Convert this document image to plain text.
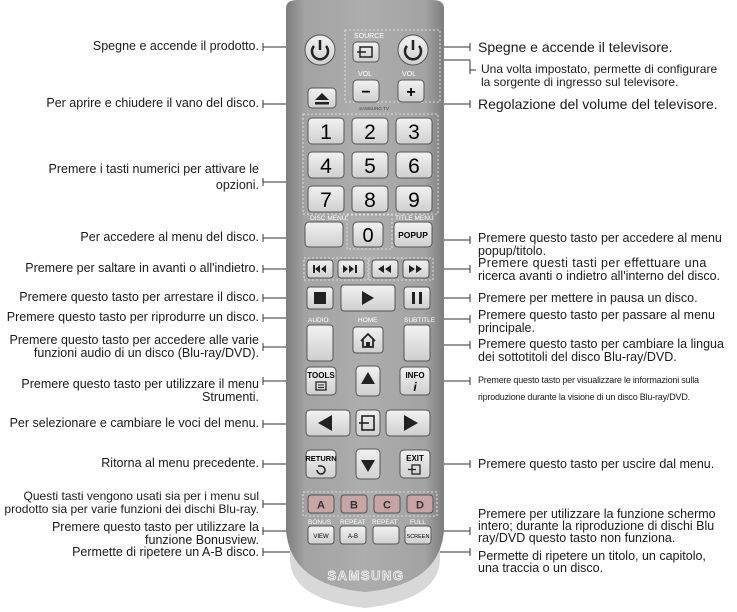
SOURCE
VOL	VOL
− +
SAMSUNG TV
1 2 3
4 5 6
7 8 9
DISC MENU	TITLE MENU
0	POPUP
AUDIO	HOME	SUBTITLE
TOOLS	INFO
i
RETURN	EXIT
A B C D
BONUS REPEAT REPEAT FULL
VIEW	A-B	SCREEN
SAMSUNG
Spegne e accende il prodotto.
Per aprire e chiudere il vano del disco.
Premere i tasti numerici per attivare le
opzioni.
Per accedere al menu del disco.
Premere per saltare in avanti o all'indietro.
Premere questo tasto per arrestare il disco.
Premere questo tasto per riprodurre un disco.
Premere questo tasto per accedere alle varie
funzioni audio di un disco (Blu-ray/DVD).
Premere questo tasto per utilizzare il menu
Strumenti.
Per selezionare e cambiare le voci del menu.
Ritorna al menu precedente.
Questi tasti vengono usati sia per i menu sul
prodotto sia per varie funzioni dei dischi Blu-ray.
Premere questo tasto per utilizzare la
funzione Bonusview.
Permette di ripetere un A-B disco.
Spegne e accende il televisore.
Una volta impostato, permette di configurare
la sorgente di ingresso sul televisore.
Regolazione del volume del televisore.
Premere questo tasto per accedere al menu
popup/titolo.
Premere questi tasti per effettuare una
ricerca avanti o indietro all'interno del disco.
Premere per mettere in pausa un disco.
Premere questo tasto per passare al menu
principale.
Premere questo tasto per cambiare la lingua
dei sottotitoli del disco Blu-ray/DVD.
Premere questo tasto per visualizzare le informazioni sulla
riproduzione durante la visione di un disco Blu-ray/DVD.
Premere questo tasto per uscire dal menu.
Premere per utilizzare la funzione schermo
intero; durante la riproduzione di dischi Blu
ray/DVD questo tasto non funziona.
Permette di ripetere un titolo, un capitolo,
una traccia o un disco.
